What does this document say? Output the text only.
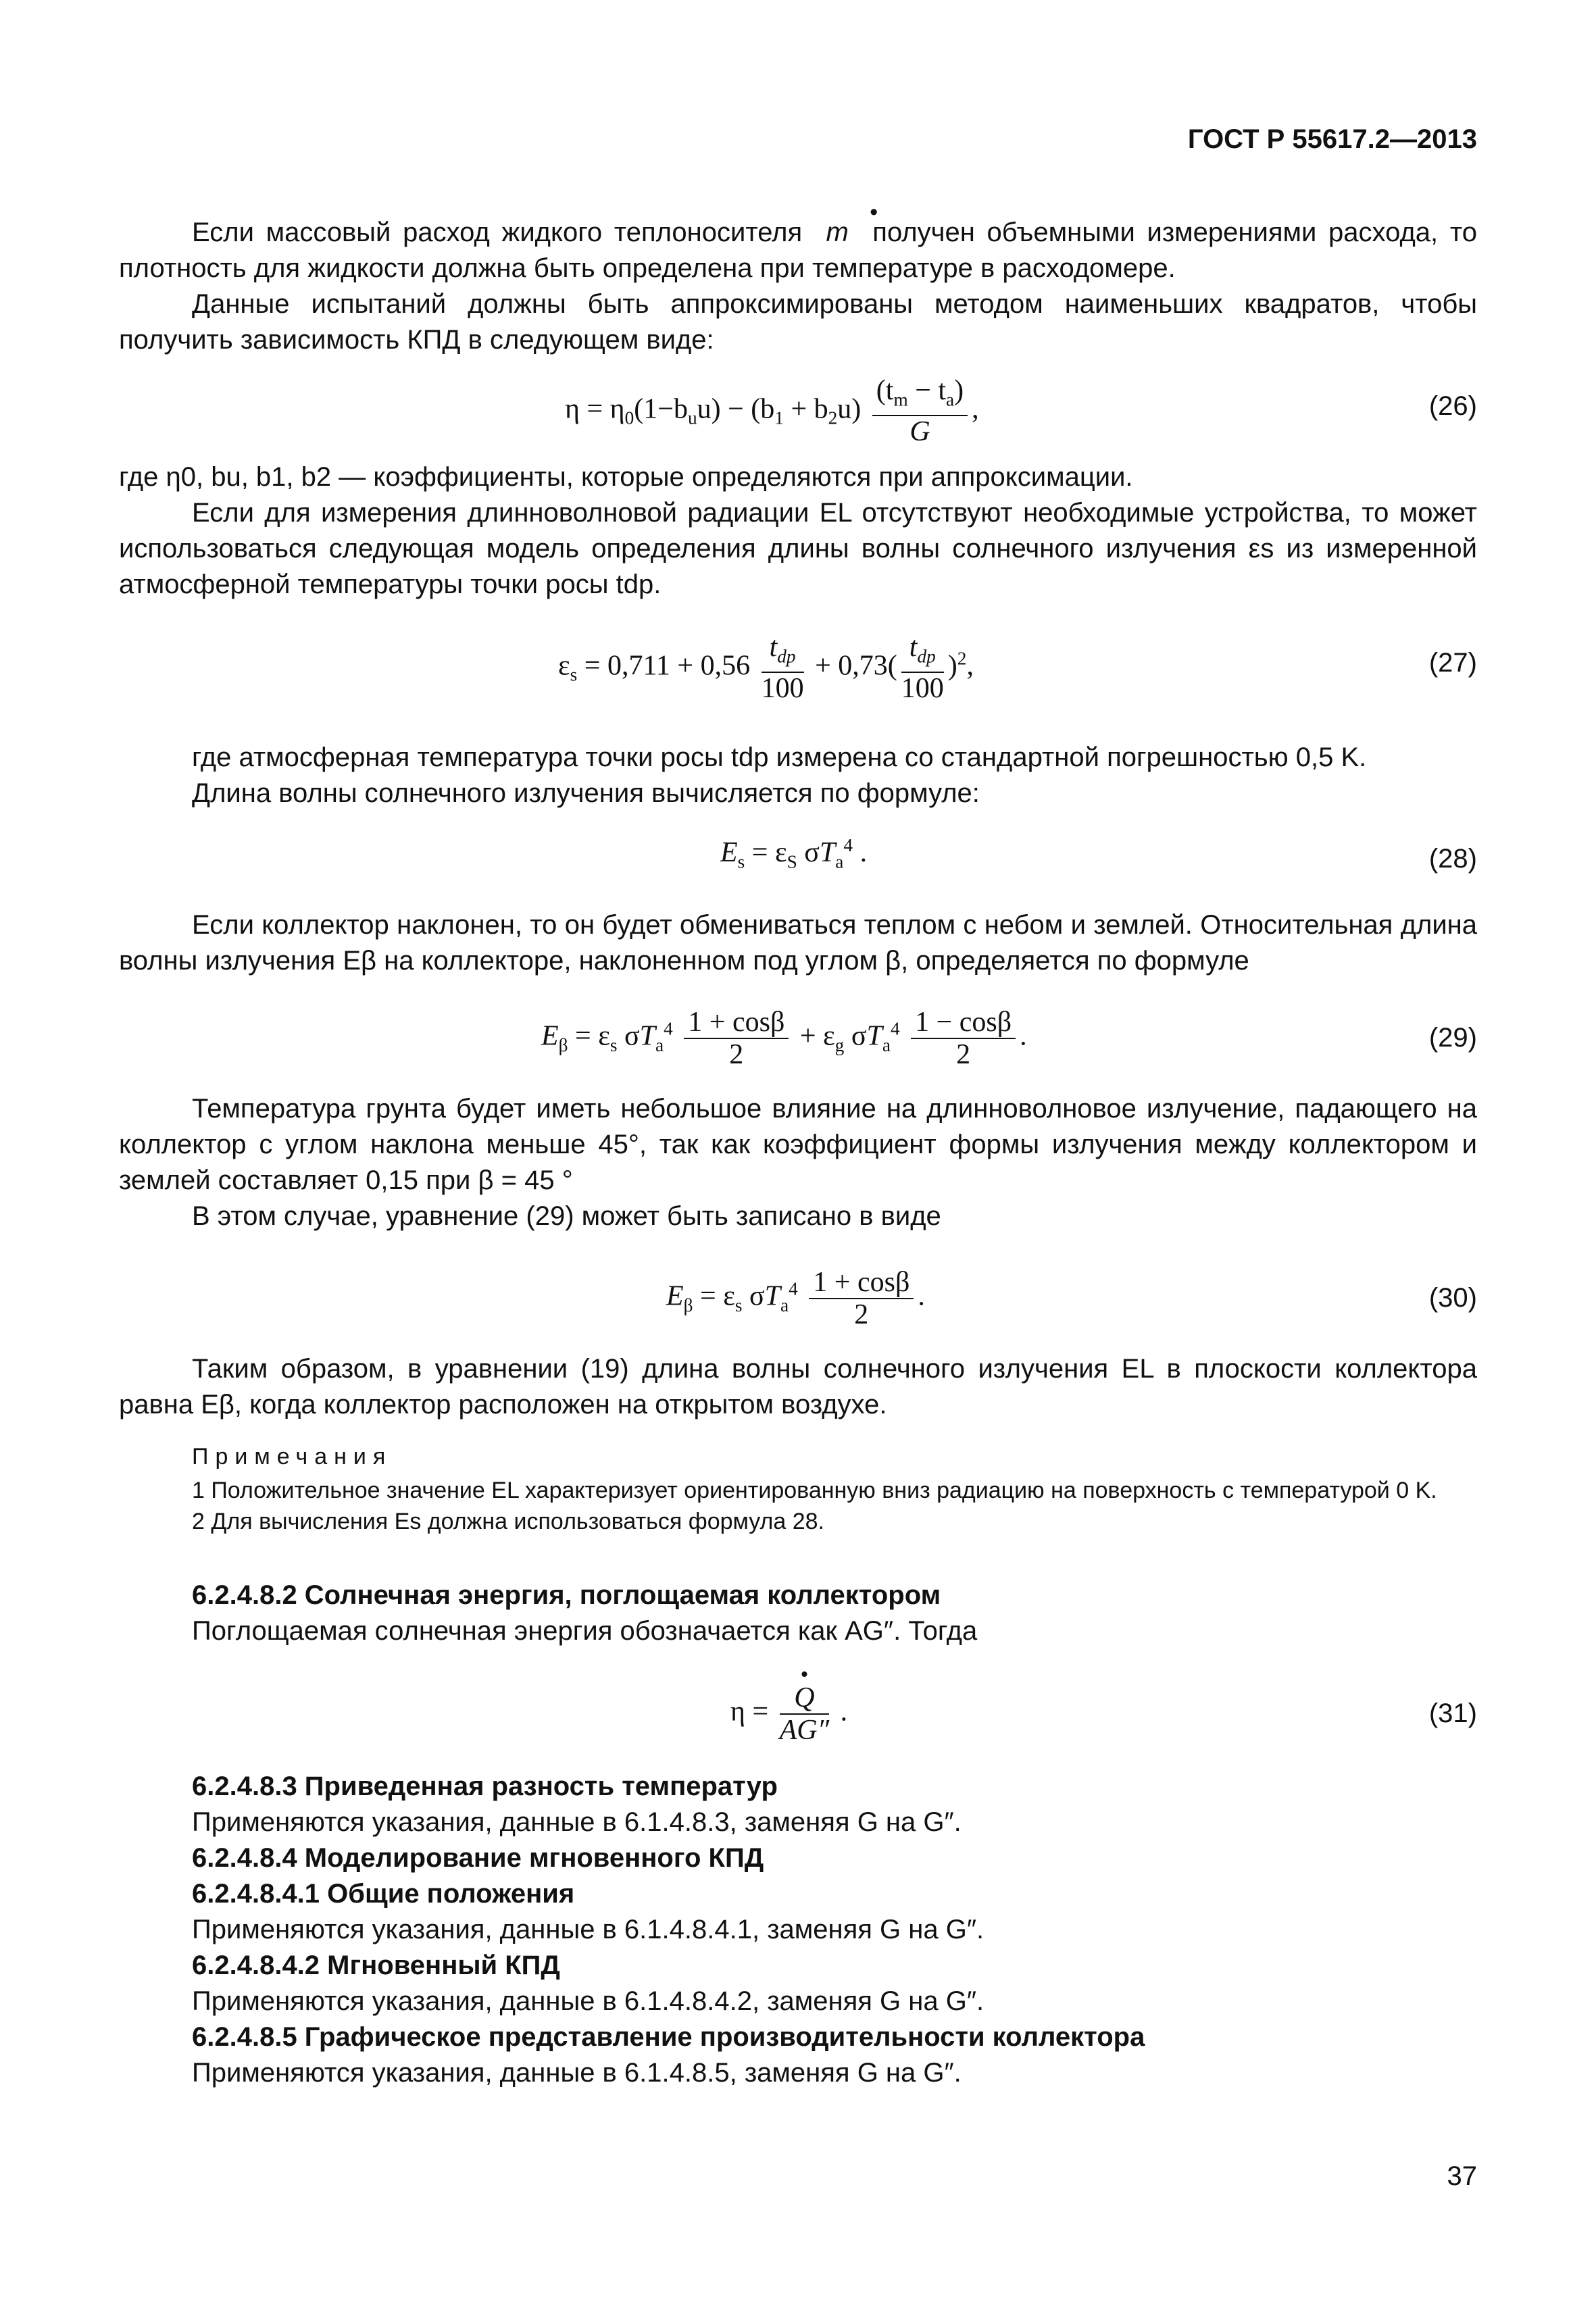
ГОСТ Р 55617.2—2013

Если массовый расход жидкого теплоносителя • m получен объемными измерениями расхода, то плотность для жидкости должна быть определена при температуре в расходомере.

Данные испытаний должны быть аппроксимированы методом наименьших квадратов, чтобы получить зависимость КПД в следующем виде:

$\eta = \eta_0(1-b_uu) - (b_1 + b_2u) \frac{(t_m - t_a)}{G}$ ,	(26)

где η0, bu, b1, b2 — коэффициенты, которые определяются при аппроксимации.

Если для измерения длинноволновой радиации EL отсутствуют необходимые устройства, то может использоваться следующая модель определения длины волны солнечного излучения εs из измеренной атмосферной температуры точки росы tdp.

$\varepsilon_s = 0,711 + 0,56 \frac{t_{dp}}{100} + 0,73( \frac{t_{dp}}{100} )^2$,	(27)

где атмосферная температура точки росы tdp измерена со стандартной погрешностью 0,5 K.

Длина волны солнечного излучения вычисляется по формуле:

$E_s = \varepsilon_S$ $\sigma T_a^4$ .	(28)

Если коллектор наклонен, то он будет обмениваться теплом с небом и землей. Относительная длина волны излучения Eβ на коллекторе, наклоненном под углом β, определяется по формуле

$E_\beta = \varepsilon_s$ $\sigma T_a^4 \frac{1 + \cos\beta}{2} + \varepsilon_g$ $\sigma T_a^4 \frac{1 - \cos\beta}{2}$ .	(29)

Температура грунта будет иметь небольшое влияние на длинноволновое излучение, падающего на коллектор с углом наклона меньше 45°, так как коэффициент формы излучения между коллектором и землей составляет 0,15 при β = 45 °

В этом случае, уравнение (29) может быть записано в виде

$E_\beta = \varepsilon_s$ $\sigma T_a^4 \frac{1 + \cos\beta}{2}$ .	(30)

Таким образом, в уравнении (19) длина волны солнечного излучения EL в плоскости коллектора равна Eβ, когда коллектор расположен на открытом воздухе.

Примечания

1 Положительное значение EL характеризует ориентированную вниз радиацию на поверхность с температурой 0 K.

2 Для вычисления Es должна использоваться формула 28.

6.2.4.8.2 Солнечная энергия, поглощаемая коллектором

Поглощаемая солнечная энергия обозначается как AG″. Тогда

η = • $\frac{Q}{AG''}$ .	(31)

6.2.4.8.3 Приведенная разность температур

Применяются указания, данные в 6.1.4.8.3, заменяя G на G″.

6.2.4.8.4 Моделирование мгновенного КПД

6.2.4.8.4.1 Общие положения

Применяются указания, данные в 6.1.4.8.4.1, заменяя G на G″.

6.2.4.8.4.2 Мгновенный КПД

Применяются указания, данные в 6.1.4.8.4.2, заменяя G на G″.

6.2.4.8.5 Графическое представление производительности коллектора

Применяются указания, данные в 6.1.4.8.5, заменяя G на G″.

37
